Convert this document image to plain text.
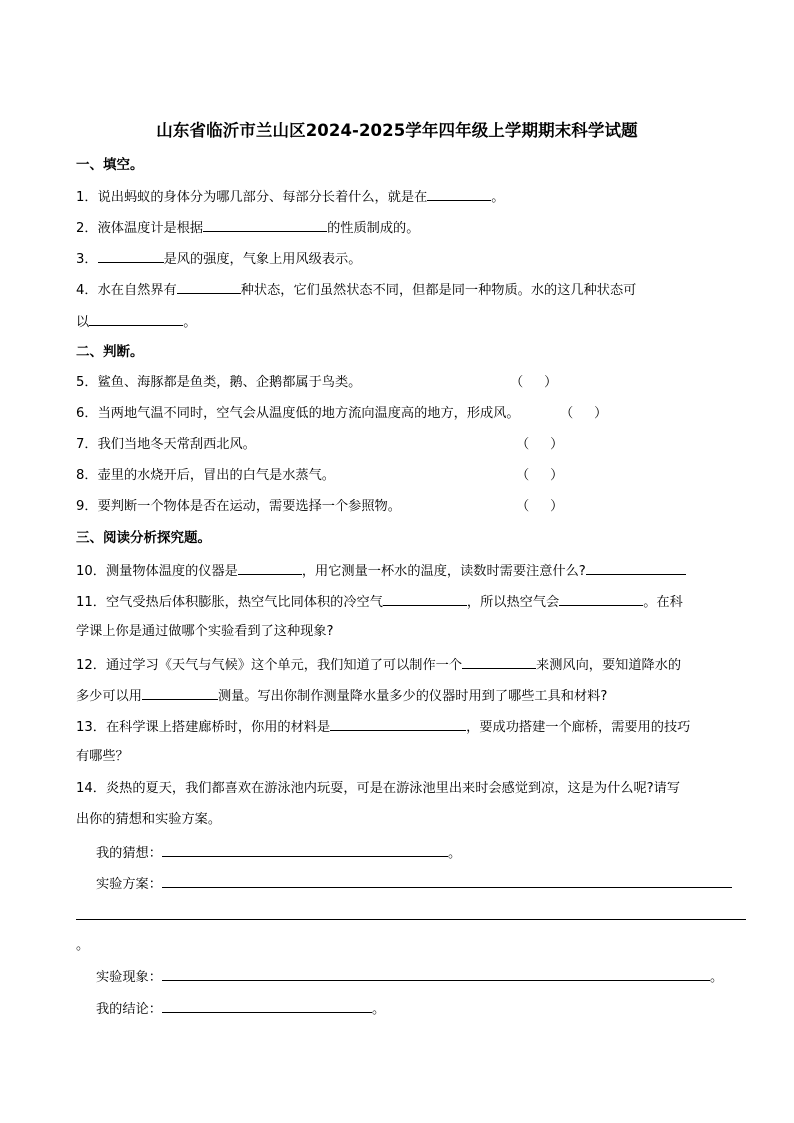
山东省临沂市兰山区2024-2025学年四年级上学期期末科学试题
一、填空。
1．说出蚂蚁的身体分为哪几部分、每部分长着什么，就是在	。
2．液体温度计是根据	的性质制成的。
3．	是风的强度，气象上用风级表示。
4．水在自然界有	种状态，它们虽然状态不同，但都是同一种物质。水的这几种状态可
以	。
二、判断。
5．鲨鱼、海豚都是鱼类，鹅、企鹅都属于鸟类。	（     ）
6．当两地气温不同时，空气会从温度低的地方流向温度高的地方，形成风。	（     ）
7．我们当地冬天常刮西北风。	（     ）
8．壶里的水烧开后，冒出的白气是水蒸气。	（     ）
9．要判断一个物体是否在运动，需要选择一个参照物。	（     ）
三、阅读分析探究题。
10．测量物体温度的仪器是	，用它测量一杯水的温度，读数时需要注意什么?
11．空气受热后体积膨胀，热空气比同体积的冷空气	，所以热空气会	。在科
学课上你是通过做哪个实验看到了这种现象?
12．通过学习《天气与气候》这个单元，我们知道了可以制作一个	来测风向，要知道降水的
多少可以用	测量。写出你制作测量降水量多少的仪器时用到了哪些工具和材料?
13．在科学课上搭建廊桥时，你用的材料是	，要成功搭建一个廊桥，需要用的技巧
有哪些？
14．炎热的夏天，我们都喜欢在游泳池内玩耍，可是在游泳池里出来时会感觉到凉，这是为什么呢?请写
出你的猜想和实验方案。
我的猜想：	。
实验方案：
。
实验现象：	。
我的结论：	。
